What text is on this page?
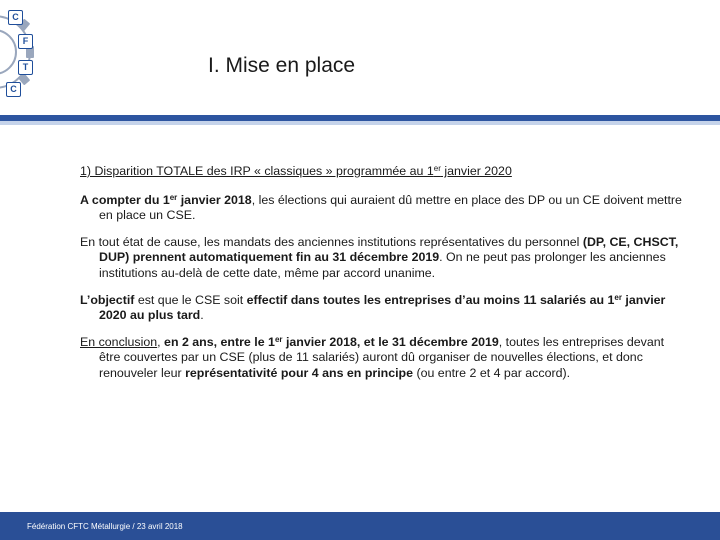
C
F
T
C
I. Mise en place

1) Disparition TOTALE des IRP « classiques » programmée au 1er janvier 2020

A compter du 1er janvier 2018, les élections qui auraient dû mettre en place des DP ou un CE doivent mettre en place un CSE.

En tout état de cause, les mandats des anciennes institutions représentatives du personnel (DP, CE, CHSCT, DUP) prennent automatiquement fin au 31 décembre 2019. On ne peut pas prolonger les anciennes institutions au-delà de cette date, même par accord unanime.

L’objectif est que le CSE soit effectif dans toutes les entreprises d’au moins 11 salariés au 1er janvier 2020 au plus tard.

En conclusion, en 2 ans, entre le 1er janvier 2018, et le 31 décembre 2019, toutes les entreprises devant être couvertes par un CSE (plus de 11 salariés) auront dû organiser de nouvelles élections, et donc renouveler leur représentativité pour 4 ans en principe (ou entre 2 et 4 par accord).

Fédération CFTC Métallurgie / 23 avril 2018
